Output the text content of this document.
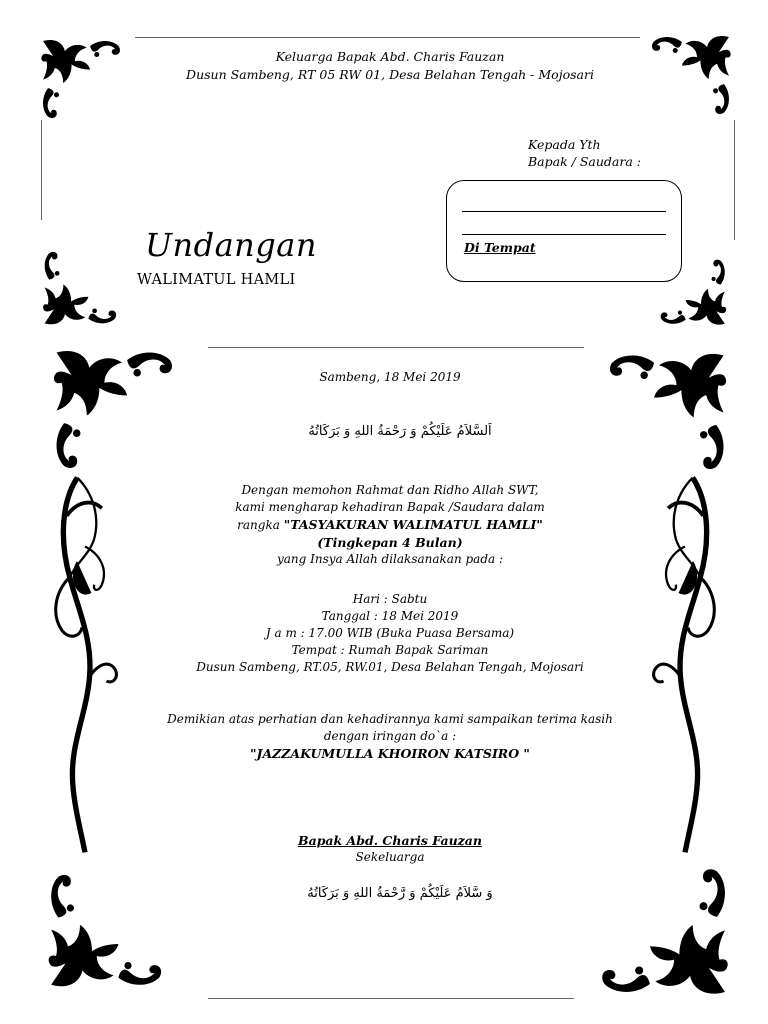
Keluarga Bapak Abd. Charis Fauzan
Dusun Sambeng, RT 05 RW 01, Desa Belahan Tengah - Mojosari
Kepada Yth
Bapak / Saudara :
Di Tempat
Undangan
WALIMATUL HAMLI
Sambeng, 18 Mei 2019
اَلسَّلاَمُ عَلَيْكُمْ وَ رَحْمَةُ اللهِ وَ بَرَكَاتُهُ
Dengan memohon Rahmat dan Ridho Allah SWT,
kami mengharap kehadiran Bapak /Saudara dalam
rangka "TASYAKURAN WALIMATUL HAMLI"
(Tingkepan 4 Bulan)
yang Insya Allah dilaksanakan pada :
Hari : Sabtu
Tanggal : 18 Mei 2019
J a m : 17.00 WIB (Buka Puasa Bersama)
Tempat : Rumah Bapak Sariman
Dusun Sambeng, RT.05, RW.01, Desa Belahan Tengah, Mojosari
Demikian atas perhatian dan kehadirannya kami sampaikan terima kasih
dengan iringan do`a :
"JAZZAKUMULLA KHOIRON KATSIRO "
Bapak Abd. Charis Fauzan
Sekeluarga
وَ سَّلاَمُ عَلَيْكُمْ وَ رَّحْمَةُ اللهِ وَ بَرَكَاتُهُ
